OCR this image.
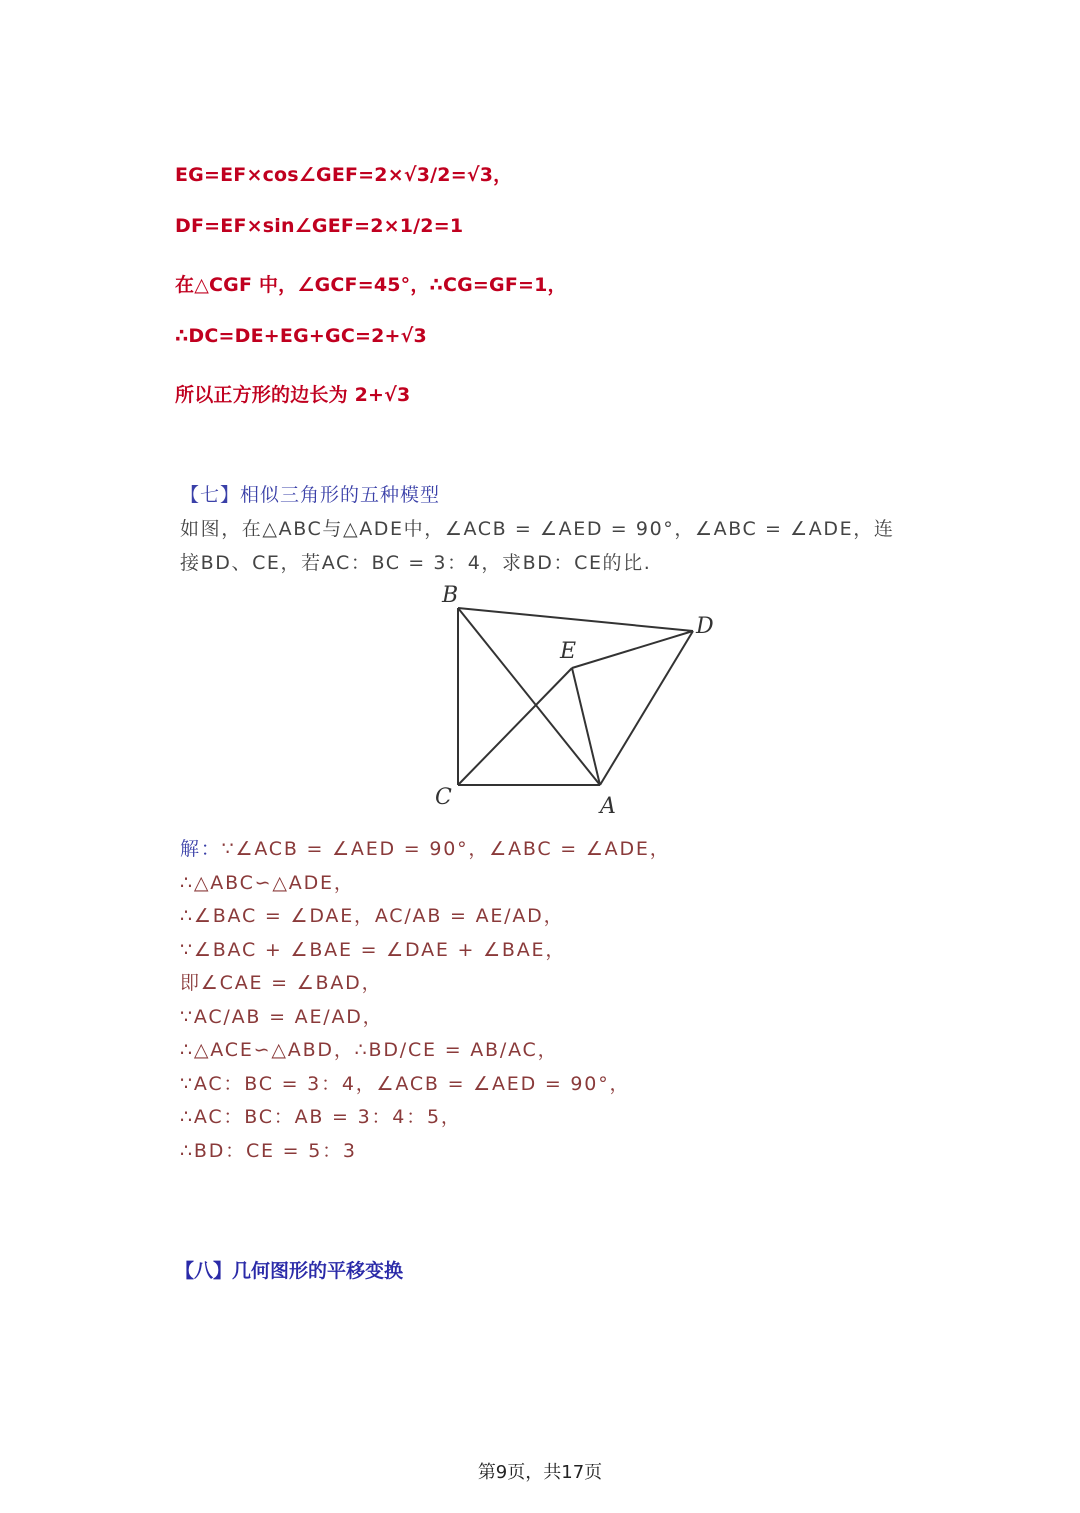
EG=EF×cos∠GEF=2×√3/2=√3，
DF=EF×sin∠GEF=2×1/2=1
在△CGF 中，∠GCF=45°，∴CG=GF=1，
∴DC=DE+EG+GC=2+√3
所以正方形的边长为 2+√3
【七】相似三角形的五种模型
如图，在△ABC与△ADE中，∠ACB = ∠AED = 90°，∠ABC = ∠ADE，连
接BD、CE，若AC：BC = 3：4，求BD：CE的比.
B
D
E
C	A
解：∵∠ACB = ∠AED = 90°，∠ABC = ∠ADE，
∴△ABC∽△ADE，
∴∠BAC = ∠DAE，AC/AB = AE/AD，
∵∠BAC + ∠BAE = ∠DAE + ∠BAE，
即∠CAE = ∠BAD，
∵AC/AB = AE/AD，
∴△ACE∽△ABD，∴BD/CE = AB/AC，
∵AC：BC = 3：4，∠ACB = ∠AED = 90°，
∴AC：BC：AB = 3：4：5，
∴BD：CE = 5：3
【八】几何图形的平移变换
第9页，共17页
